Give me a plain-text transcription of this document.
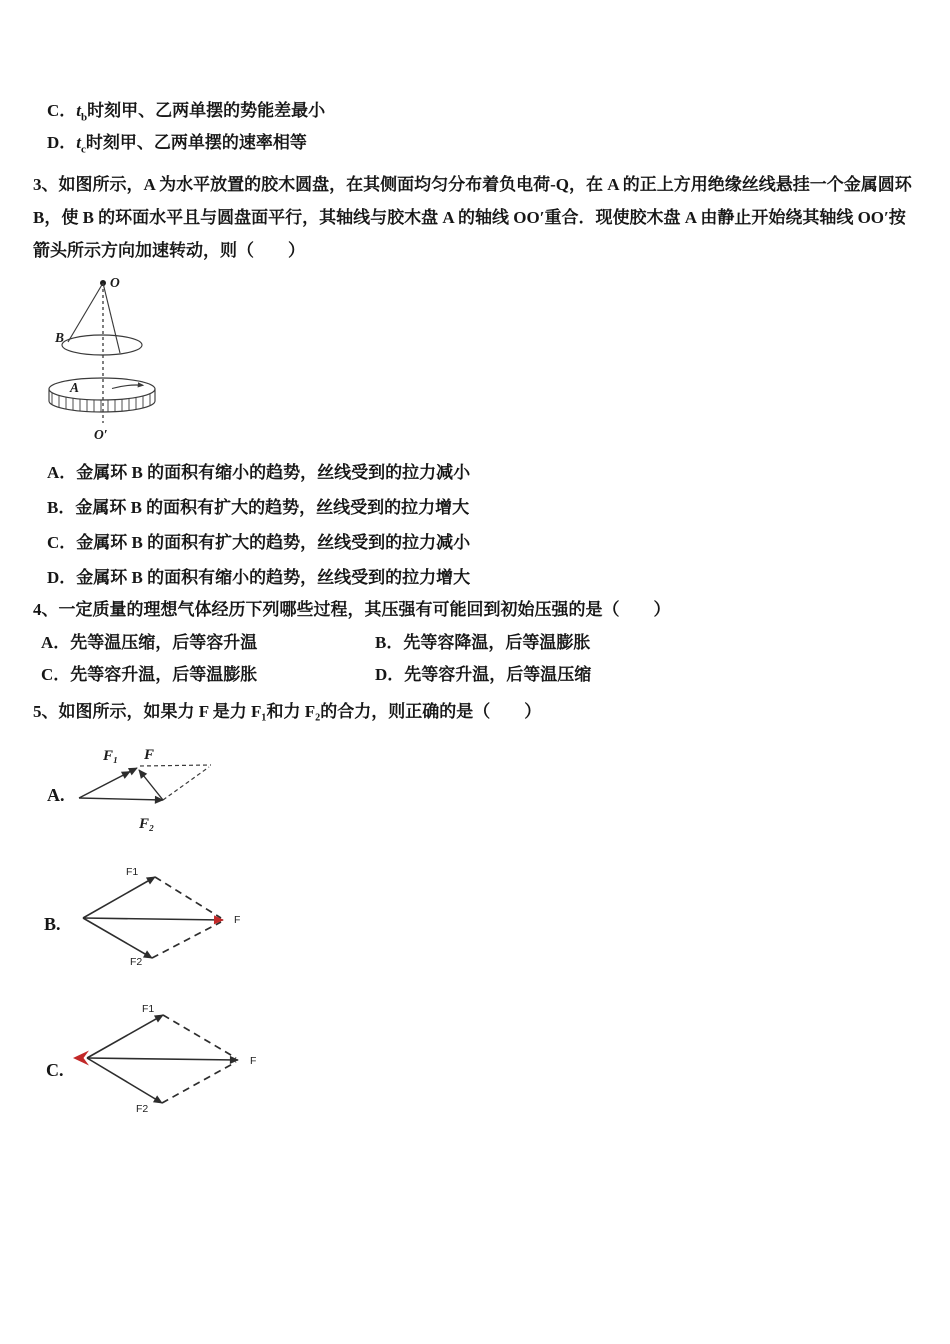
C．$t_b$时刻甲、乙两单摆的势能差最小
D．$t_c$时刻甲、乙两单摆的速率相等
3、如图所示，A 为水平放置的胶木圆盘，在其侧面均匀分布着负电荷-Q，在 A 的正上方用绝缘丝线悬挂一个金属圆环
B，使 B 的环面水平且与圆盘面平行，其轴线与胶木盘 A 的轴线 OO′重合．现使胶木盘 A 由静止开始绕其轴线 OO′按
箭头所示方向加速转动，则（　　）
O
B
A
O′
A．金属环 B 的面积有缩小的趋势，丝线受到的拉力减小
B．金属环 B 的面积有扩大的趋势，丝线受到的拉力增大
C．金属环 B 的面积有扩大的趋势，丝线受到的拉力减小
D．金属环 B 的面积有缩小的趋势，丝线受到的拉力增大
4、一定质量的理想气体经历下列哪些过程，其压强有可能回到初始压强的是（　　）
A．先等温压缩，后等容升温	B．先等容降温，后等温膨胀
C．先等容升温，后等温膨胀	D．先等容升温，后等温压缩
5、如图所示，如果力 F 是力 F₁和力 F₂的合力，则正确的是（　　）
A.
F₁ F
F₂
B.
F1
F2
F
C.
F1
F2
F
